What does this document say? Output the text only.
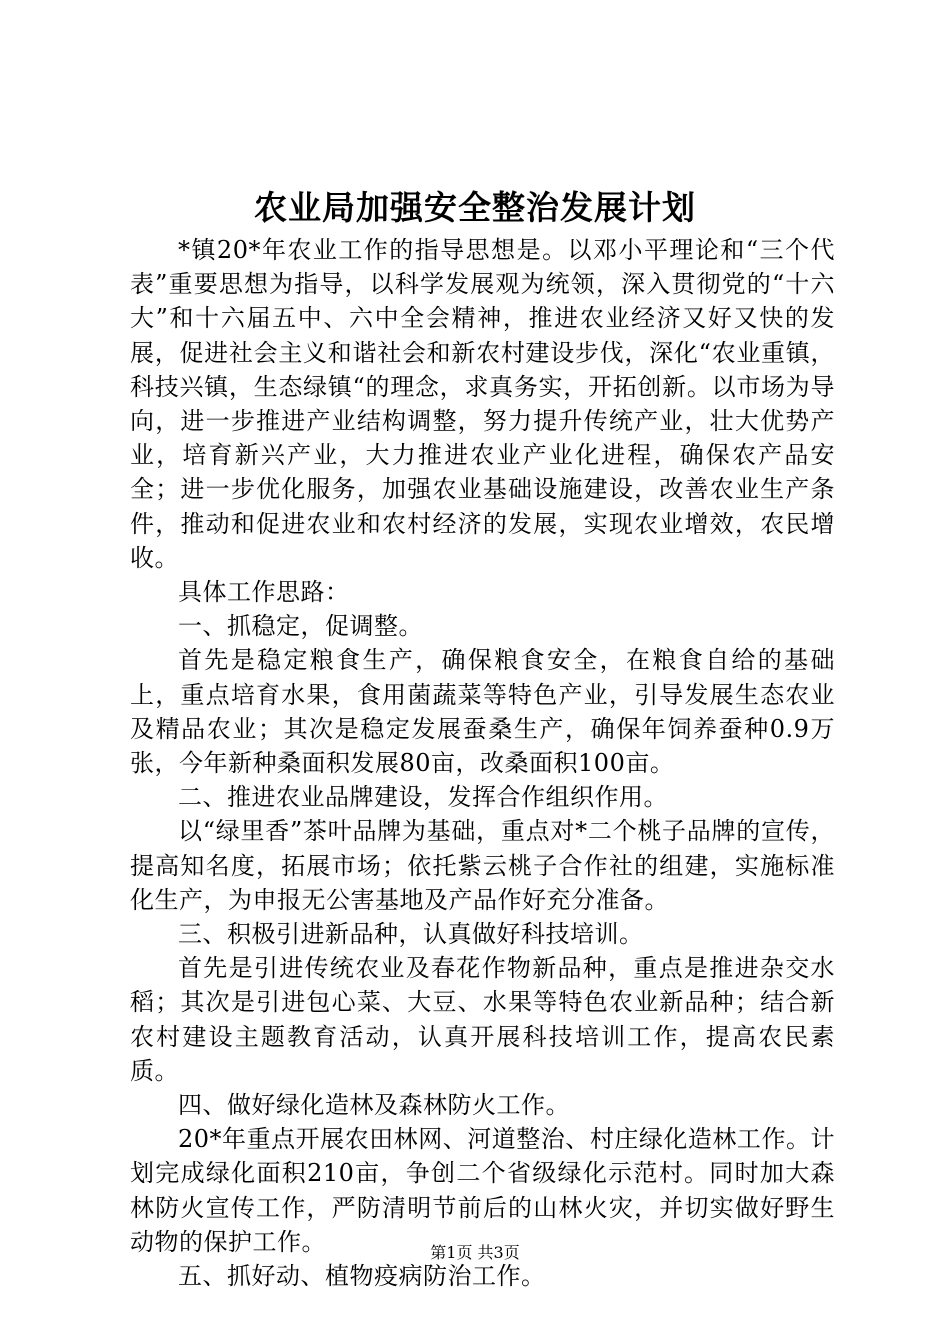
农业局加强安全整治发展计划

*镇20*年农业工作的指导思想是。以邓小平理论和“三个代表”重要思想为指导，以科学发展观为统领，深入贯彻党的“十六大”和十六届五中、六中全会精神，推进农业经济又好又快的发展，促进社会主义和谐社会和新农村建设步伐，深化“农业重镇，科技兴镇，生态绿镇“的理念，求真务实，开拓创新。以市场为导向，进一步推进产业结构调整，努力提升传统产业，壮大优势产业，培育新兴产业，大力推进农业产业化进程，确保农产品安全；进一步优化服务，加强农业基础设施建设，改善农业生产条件，推动和促进农业和农村经济的发展，实现农业增效，农民增收。

具体工作思路：

一、抓稳定，促调整。

首先是稳定粮食生产，确保粮食安全，在粮食自给的基础上，重点培育水果，食用菌蔬菜等特色产业，引导发展生态农业及精品农业；其次是稳定发展蚕桑生产，确保年饲养蚕种0.9万张，今年新种桑面积发展80亩，改桑面积100亩。

二、推进农业品牌建设，发挥合作组织作用。

以“绿里香”茶叶品牌为基础，重点对*二个桃子品牌的宣传，提高知名度，拓展市场；依托紫云桃子合作社的组建，实施标准化生产，为申报无公害基地及产品作好充分准备。

三、积极引进新品种，认真做好科技培训。

首先是引进传统农业及春花作物新品种，重点是推进杂交水稻；其次是引进包心菜、大豆、水果等特色农业新品种；结合新农村建设主题教育活动，认真开展科技培训工作，提高农民素质。

四、做好绿化造林及森林防火工作。

20*年重点开展农田林网、河道整治、村庄绿化造林工作。计划完成绿化面积210亩，争创二个省级绿化示范村。同时加大森林防火宣传工作，严防清明节前后的山林火灾，并切实做好野生动物的保护工作。

五、抓好动、植物疫病防治工作。

第1页 共3页
